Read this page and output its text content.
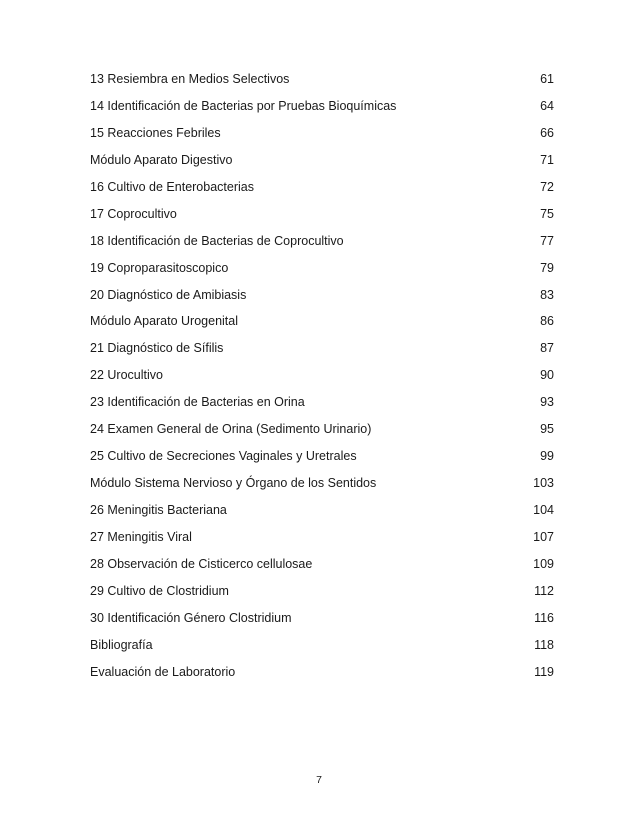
13 Resiembra en Medios Selectivos	61
14 Identificación de Bacterias por Pruebas Bioquímicas	64
15 Reacciones Febriles	66
Módulo Aparato Digestivo	71
16 Cultivo de Enterobacterias	72
17 Coprocultivo	75
18 Identificación de Bacterias de Coprocultivo	77
19 Coproparasitoscopico	79
20 Diagnóstico de Amibiasis	83
Módulo Aparato Urogenital	86
21 Diagnóstico de Sífilis	87
22 Urocultivo	90
23 Identificación de Bacterias en Orina	93
24 Examen General de Orina (Sedimento Urinario)	95
25 Cultivo de Secreciones Vaginales y Uretrales	99
Módulo Sistema Nervioso y Órgano de los Sentidos	103
26 Meningitis Bacteriana	104
27 Meningitis Viral	107
28 Observación de Cisticerco cellulosae	109
29 Cultivo de Clostridium	112
30 Identificación Género Clostridium	116
Bibliografía	118
Evaluación de Laboratorio	119
7
